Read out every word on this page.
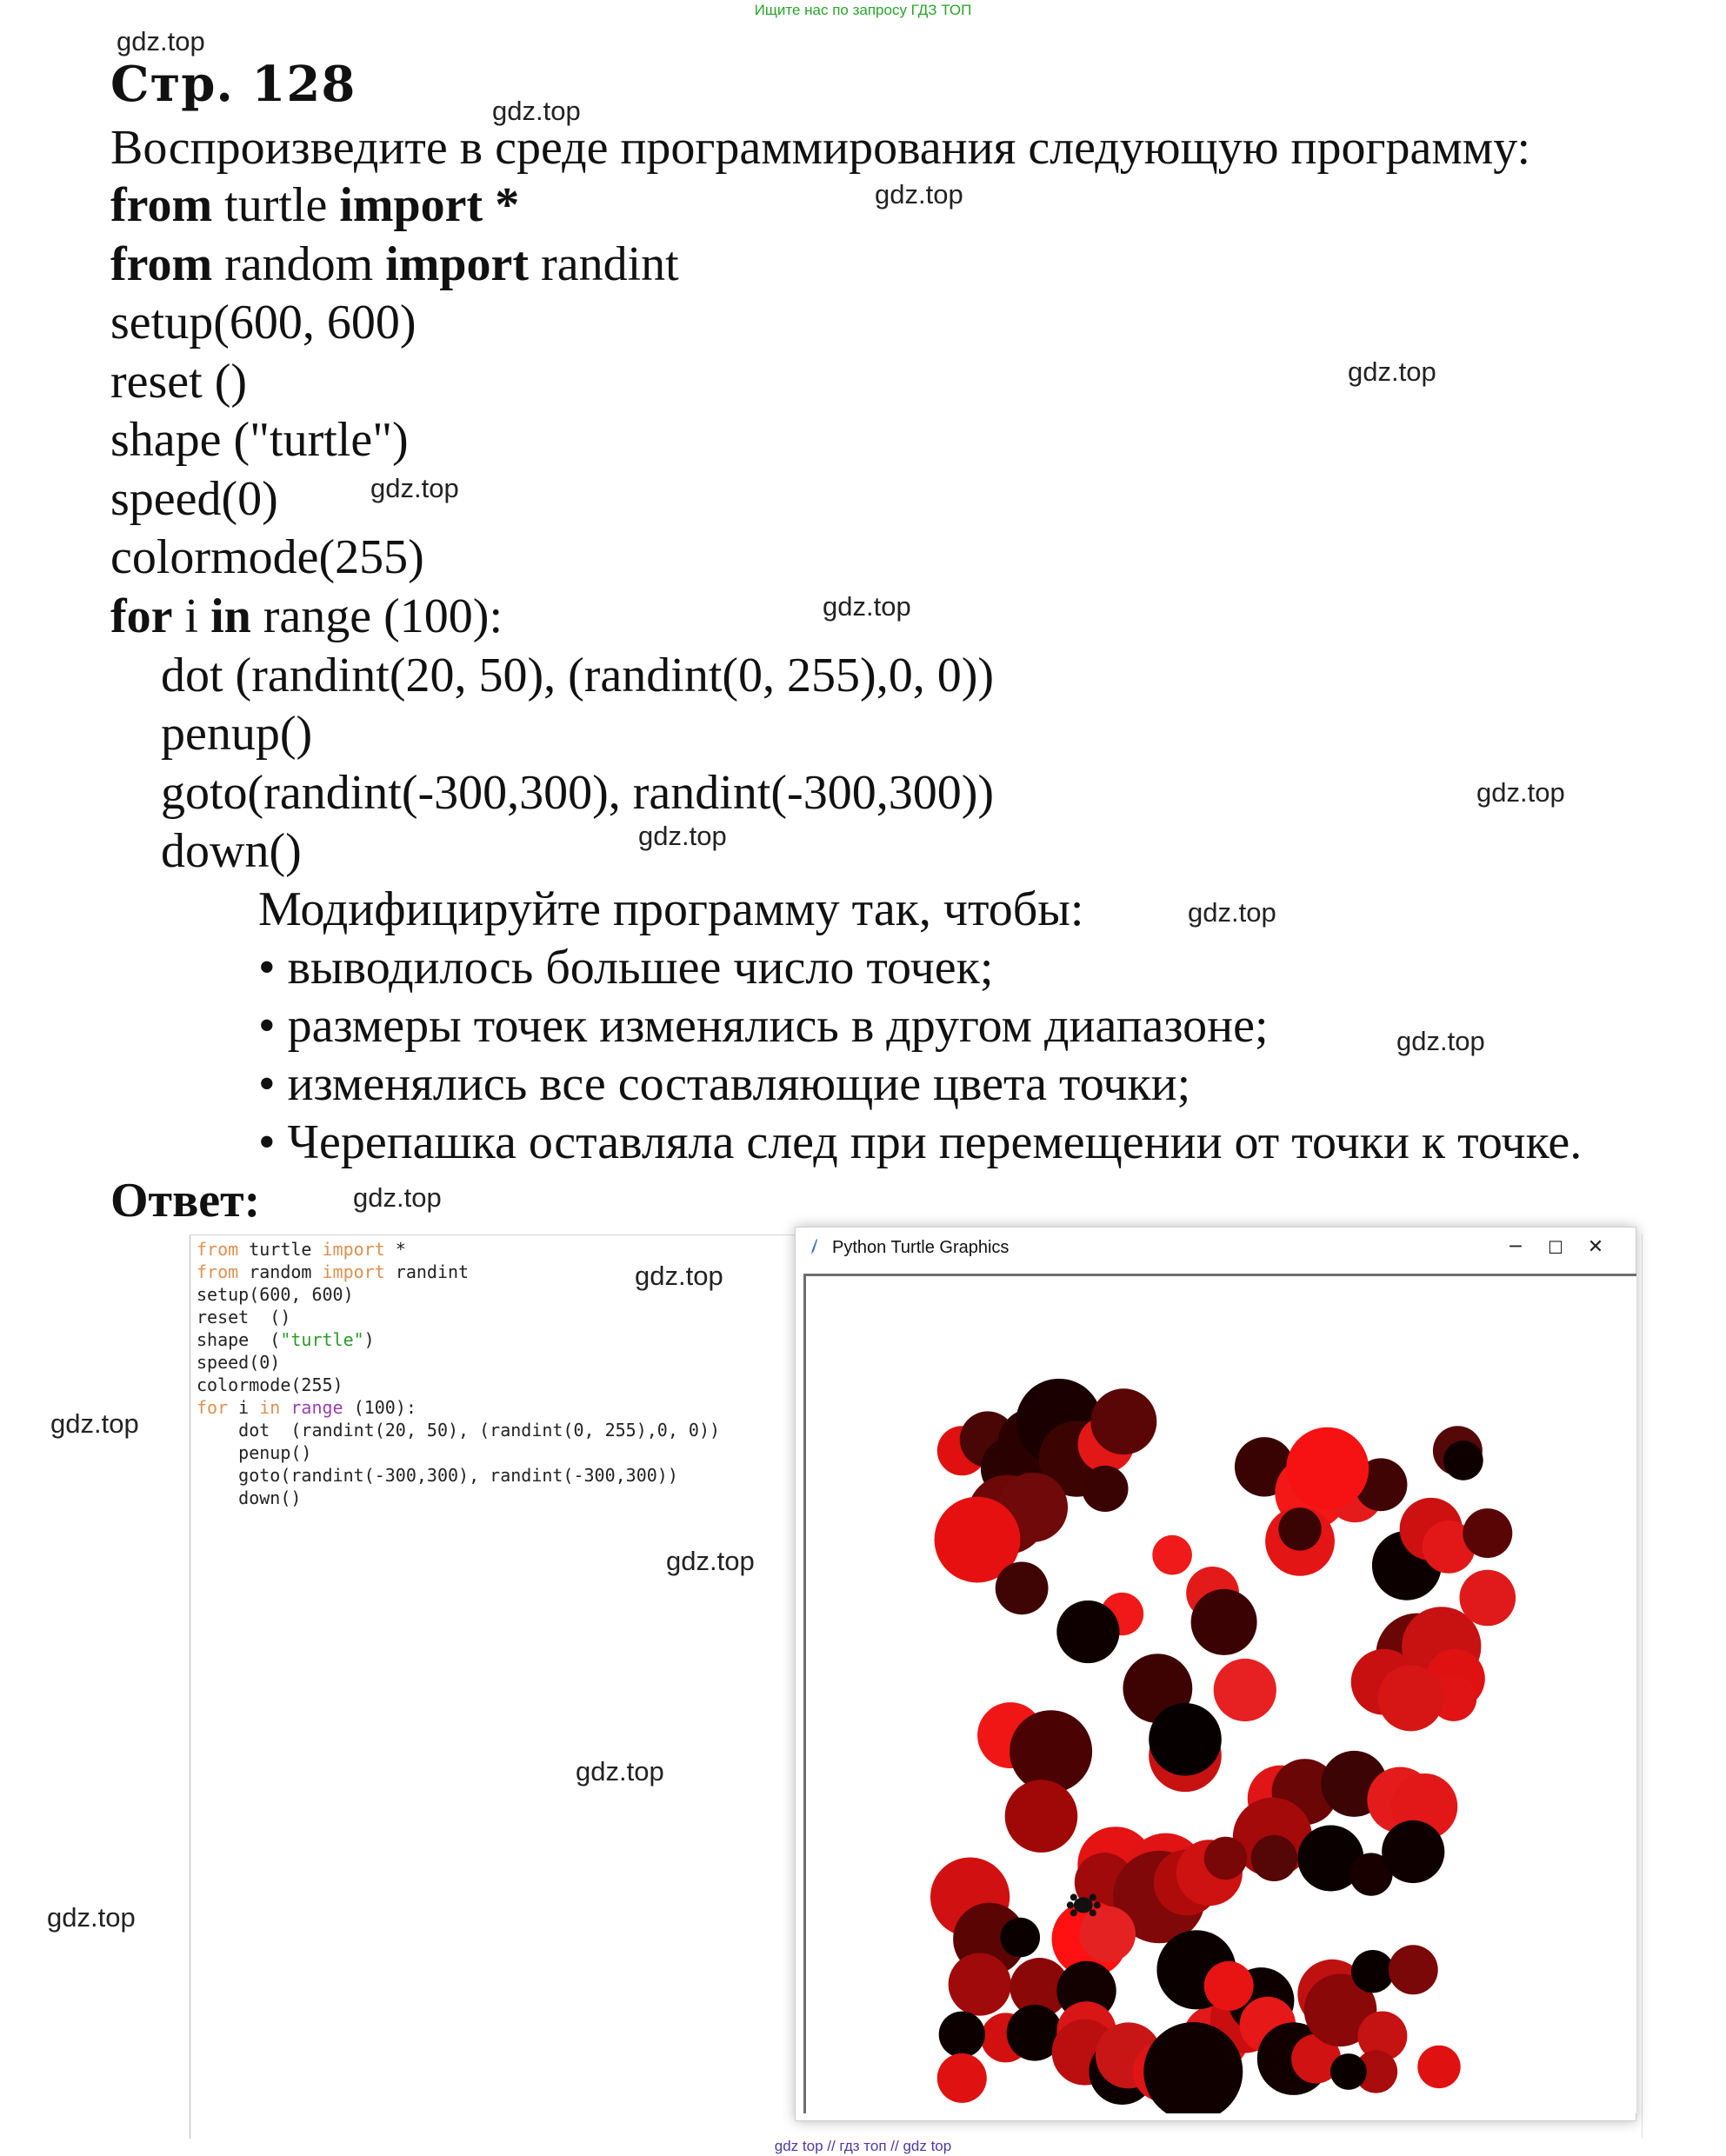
Ищите нас по запросу ГДЗ ТОП
gdz.top
gdz.top
gdz.top
gdz.top
gdz.top
gdz.top
gdz.top
gdz.top
gdz.top
gdz.top
gdz.top
gdz.top
gdz.top
gdz.top
gdz.top
gdz.top
Стр. 128
Воспроизведите в среде программирования следующую программу:
from turtle import *
from random import randint
setup(600, 600)
reset ()
shape ("turtle")
speed(0)
colormode(255)
for i in range (100):
dot (randint(20, 50), (randint(0, 255),0, 0))
penup()
goto(randint(-300,300), randint(-300,300))
down()
Модифицируйте программу так, чтобы:
• выводилось большее число точек;
• размеры точек изменялись в другом диапазоне;
• изменялись все составляющие цвета точки;
• Черепашка оставляла след при перемещении от точки к точке.
Ответ:
from turtle import *
from random import randint
setup(600, 600)
reset  ()
shape  ("turtle")
speed(0)
colormode(255)
for i in range (100):
dot  (randint(20, 50), (randint(0, 255),0, 0))
penup()
goto(randint(-300,300), randint(-300,300))
down()
Python Turtle Graphics	─	☐	✕
gdz top // гдз топ // gdz top
